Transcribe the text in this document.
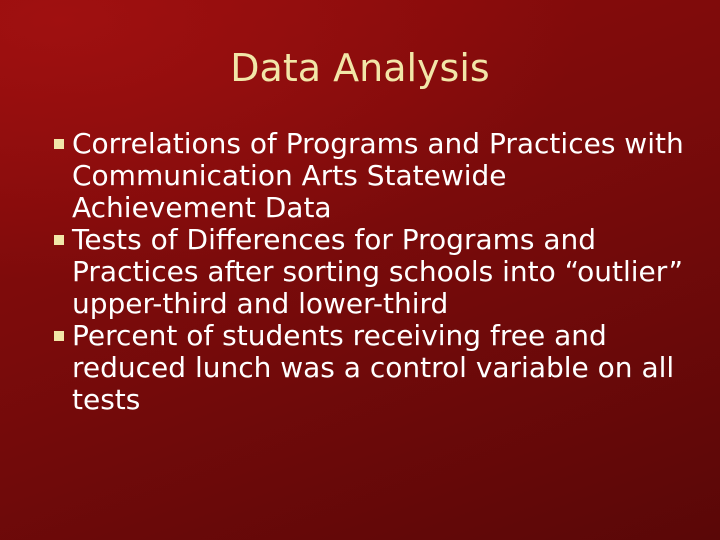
Data Analysis
Correlations of Programs and Practices with Communication Arts Statewide Achievement Data
Tests of Differences for Programs and Practices after sorting schools into “outlier” upper-third and lower-third
Percent of students receiving free and reduced lunch was a control variable on all tests
